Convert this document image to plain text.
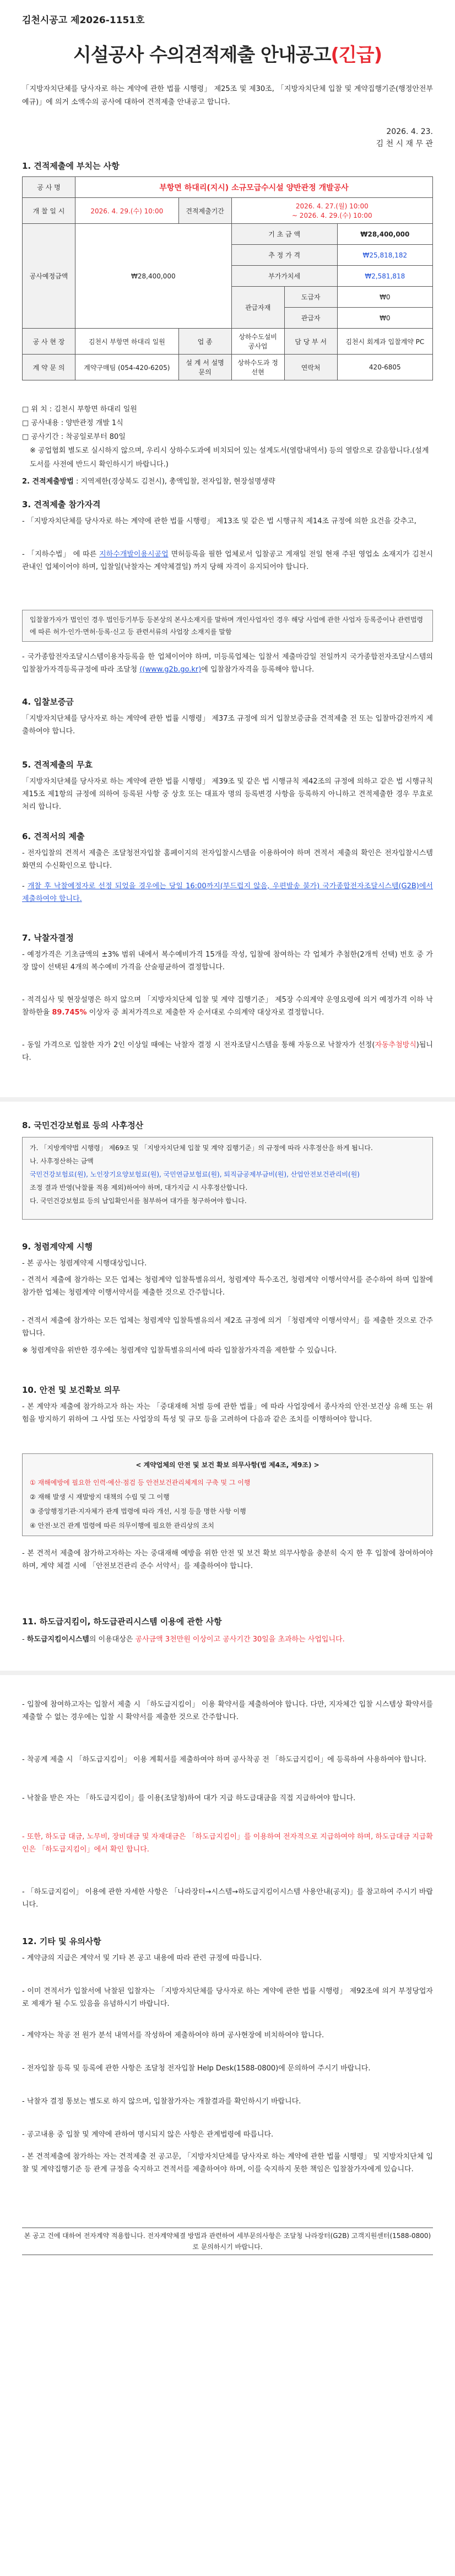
김천시공고 제2026-1151호
시설공사 수의견적제출 안내공고(긴급)
「지방자치단체를 당사자로 하는 계약에 관한 법률 시행령」 제25조 및 제30조, 「지방자치단체 입찰 및 계약집행기준(행정안전부예규)」에 의거 소액수의 공사에 대하여 견적제출 안내공고 합니다.
2026. 4. 23.
김 천 시 재 무 관
1. 견적제출에 부치는 사항
공 사 명	부항면 하대리(지시) 소규모급수시설 양반관정 개발공사				
개 찰 일 시	2026. 4. 29.(수) 10:00	견적제출기간	2026. 4. 27.(월) 10:00
~ 2026. 4. 29.(수) 10:00		

공사예정금액	₩28,400,000		기 초 금 액		₩28,400,000
			추 정 가 격		₩25,818,182
			부가가치세		₩2,581,818
			관급자재	도급자	₩0
				관급자	₩0
공 사 현 장	김천시 부항면 하대리 일원	업 종	상하수도설비공사업	담 당 부 서	김천시 회계과 입찰계약 PC
계 약 문 의	계약구매팀 (054-420-6205)	설 계 서 설명문의	상하수도과 정선현	연락처	420-6805
□ 위 치 : 김천시 부항면 하대리 일원
□ 공사내용 : 양반관정 개발 1식
□ 공사기간 : 착공일로부터 80일
※ 공업협회 별도로 실시하지 않으며, 우리시 상하수도과에 비치되어 있는 설계도서(열람내역서) 등의 열람으로 갈음합니다.(설계도서를 사전에 반드시 확인하시기 바랍니다.)
2. 견적제출방법 : 지역제한(경상북도 김천시), 총액입찰, 전자입찰, 현장설명생략
3. 견적제출 참가자격
- 「지방자치단체를 당사자로 하는 계약에 관한 법률 시행령」 제13조 및 같은 법 시행규칙 제14조 규정에 의한 요건을 갖추고,
- 「지하수법」 에 따른 지하수개발이용시공업 면허등록을 필한 업체로서 입찰공고 게재일 전일 현재 주된 영업소 소재지가 김천시 관내인 업체이어야 하며, 입찰일(낙찰자는 계약체결일) 까지 당해 자격이 유지되어야 합니다.
입찰참가자가 법인인 경우 법인등기부등 등본상의 본사소재지를 말하며 개인사업자인 경우 해당 사업에 관한 사업자 등록증이나 관련법령에 따른 허가·인가·면허·등록·신고 등 관련서류의 사업장 소재지를 말함
- 국가종합전자조달시스템이용자등록을 한 업체이어야 하며, 미등록업체는 입찰서 제출마감일 전일까지 국가종합전자조달시스템의 입찰참가자격등록규정에 따라 조달청 ((www.g2b.go.kr)에 입찰참가자격을 등록해야 합니다.
4. 입찰보증금
「지방자치단체를 당사자로 하는 계약에 관한 법률 시행령」 제37조 규정에 의거 입찰보증금을 견적제출 전 또는 입찰마감전까지 제출하여야 합니다.
5. 견적제출의 무효
「지방자치단체를 당사자로 하는 계약에 관한 법률 시행령」 제39조 및 같은 법 시행규칙 제42조의 규정에 의하고 같은 법 시행규칙 제15조 제1항의 규정에 의하여 등록된 사항 중 상호 또는 대표자 명의 등록변경 사항을 등록하지 아니하고 견적제출한 경우 무효로 처리 합니다.
6. 견적서의 제출
- 전자입찰의 견적서 제출은 조달청전자입찰 홈페이지의 전자입찰시스템을 이용하여야 하며 견적서 제출의 확인은 전자입찰시스템 화면의 수신확인으로 합니다.
- 개찰 후 낙찰예정자로 선정 되었을 경우에는 당일 16:00까지(부드럽지 않음, 우편발송 불가) 국가종합전자조달시스템(G2B)에서 제출하여야 합니다.
7. 낙찰자결정
- 예정가격은 기초금액의 ±3% 범위 내에서 복수예비가격 15개를 작성, 입찰에 참여하는 각 업체가 추첨한(2개씩 선택) 번호 중 가장 많이 선택된 4개의 복수예비 가격을 산술평균하여 결정합니다.
- 적격심사 및 현장설명은 하지 않으며 「지방자치단체 입찰 및 계약 집행기준」 제5장 수의계약 운영요령에 의거 예정가격 이하 낙찰하한율 89.745% 이상자 중 최저가격으로 제출한 자 순서대로 수의계약 대상자로 결정합니다.
- 동일 가격으로 입찰한 자가 2인 이상일 때에는 낙찰자 결정 시 전자조달시스템을 통해 자동으로 낙찰자가 선정(자동추첨방식)됩니다.
8. 국민건강보험료 등의 사후정산
가. 「지방계약법 시행령」 제69조 및 「지방자치단체 입찰 및 계약 집행기준」의 규정에 따라 사후정산을 하게 됩니다.
나. 사후정산하는 금액
국민건강보험료(원), 노인장기요양보험료(원), 국민연금보험료(원), 퇴직금공제부금비(원), 산업안전보건관리비(원)
조정 결과 반영(낙찰률 적용 제외)하여야 하며, 대가지급 시 사후정산합니다.
다. 국민건강보험료 등의 납입확인서를 첨부하여 대가를 청구하여야 합니다.
9. 청렴계약제 시행
- 본 공사는 청렴계약제 시행대상입니다.
- 견적서 제출에 참가하는 모든 업체는 청렴계약 입찰특별유의서, 청렴계약 특수조건, 청렴계약 이행서약서를 준수하여 하며 입찰에 참가한 업체는 청렴계약 이행서약서를 제출한 것으로 간주합니다.
- 견적서 제출에 참가하는 모든 업체는 청렴계약 입찰특별유의서 제2조 규정에 의거 「청렴계약 이행서약서」를 제출한 것으로 간주합니다.
※ 청렴계약을 위반한 경우에는 청렴계약 입찰특별유의서에 따라 입찰참가자격을 제한할 수 있습니다.
10. 안전 및 보건확보 의무
- 본 계약자 제출에 참가하고자 하는 자는 「중대재해 처벌 등에 관한 법률」에 따라 사업장에서 종사자의 안전·보건상 유해 또는 위험을 방지하기 위하여 그 사업 또는 사업장의 특성 및 규모 등을 고려하여 다음과 같은 조치를 이행하여야 합니다.
< 계약업체의 안전 및 보건 확보 의무사항(법 제4조, 제9조) >
① 재해예방에 필요한 인력·예산·점검 등 안전보건관리체계의 구축 및 그 이행
② 재해 발생 시 재발방지 대책의 수립 및 그 이행
③ 중앙행정기관·지자체가 관계 법령에 따라 개선, 시정 등을 명한 사항 이행
④ 안전·보건 관계 법령에 따른 의무이행에 필요한 관리상의 조치
- 본 견적서 제출에 참가하고자하는 자는 중대재해 예방을 위한 안전 및 보건 확보 의무사항을 충분히 숙지 한 후 입찰에 참여하여야 하며, 계약 체결 시에 「안전보건관리 준수 서약서」를 제출하여야 합니다.
11. 하도급지킴이, 하도급관리시스템 이용에 관한 사항
- 하도급지킴이시스템의 이용대상은 공사금액 3천만원 이상이고 공사기간 30일을 초과하는 사업입니다.
- 입찰에 참여하고자는 입찰서 제출 시 「하도급지킴이」 이용 확약서를 제출하여야 합니다. 다만, 지자체간 입찰 시스템상 확약서를 제출할 수 없는 경우에는 입찰 시 확약서를 제출한 것으로 간주합니다.
- 착공계 제출 시 「하도급지킴이」 이용 계획서를 제출하여야 하며 공사착공 전 「하도급지킴이」에 등록하여 사용하여야 합니다.
- 낙찰을 받은 자는 「하도급지킴이」를 이용(조달청)하여 대가 지급 하도급대금을 직접 지급하여야 합니다.
- 또한, 하도급 대금, 노무비, 장비대금 및 자재대금은 「하도급지킴이」를 이용하여 전자적으로 지급하여야 하며, 하도급대금 지급확인은 「하도급지킴이」에서 확인 합니다.
- 「하도급지킴이」 이용에 관한 자세한 사항은 「나라장터→시스템→하도급지킴이시스템 사용안내(공지)」를 참고하여 주시기 바랍니다.
12. 기타 및 유의사항
- 계약금의 지급은 계약서 및 기타 본 공고 내용에 따라 관련 규정에 따릅니다.
- 이미 견적서가 입찰서에 낙찰된 입찰자는 「지방자치단체를 당사자로 하는 계약에 관한 법률 시행령」 제92조에 의거 부정당업자로 제재가 될 수도 있음을 유념하시기 바랍니다.
- 계약자는 착공 전 원가 분석 내역서를 작성하여 제출하여야 하며 공사현장에 비치하여야 합니다.
- 전자입찰 등록 및 등록에 관한 사항은 조달청 전자입찰 Help Desk(1588-0800)에 문의하여 주시기 바랍니다.
- 낙찰자 결정 통보는 별도로 하지 않으며, 입찰참가자는 개찰결과를 확인하시기 바랍니다.
- 공고내용 중 입찰 및 계약에 관하여 명시되지 않은 사항은 관계법령에 따릅니다.
- 본 견적제출에 참가하는 자는 견적제출 전 공고문, 「지방자치단체를 당사자로 하는 계약에 관한 법률 시행령」 및 지방자치단체 입찰 및 계약집행기준 등 관계 규정을 숙지하고 견적서를 제출하여야 하며, 이를 숙지하지 못한 책임은 입찰참가자에게 있습니다.
본 공고 건에 대하여 전자계약 적용합니다. 전자계약체결 방법과 관련하여 세부문의사항은 조달청 나라장터(G2B) 고객지원센터(1588-0800)로 문의하시기 바랍니다.
